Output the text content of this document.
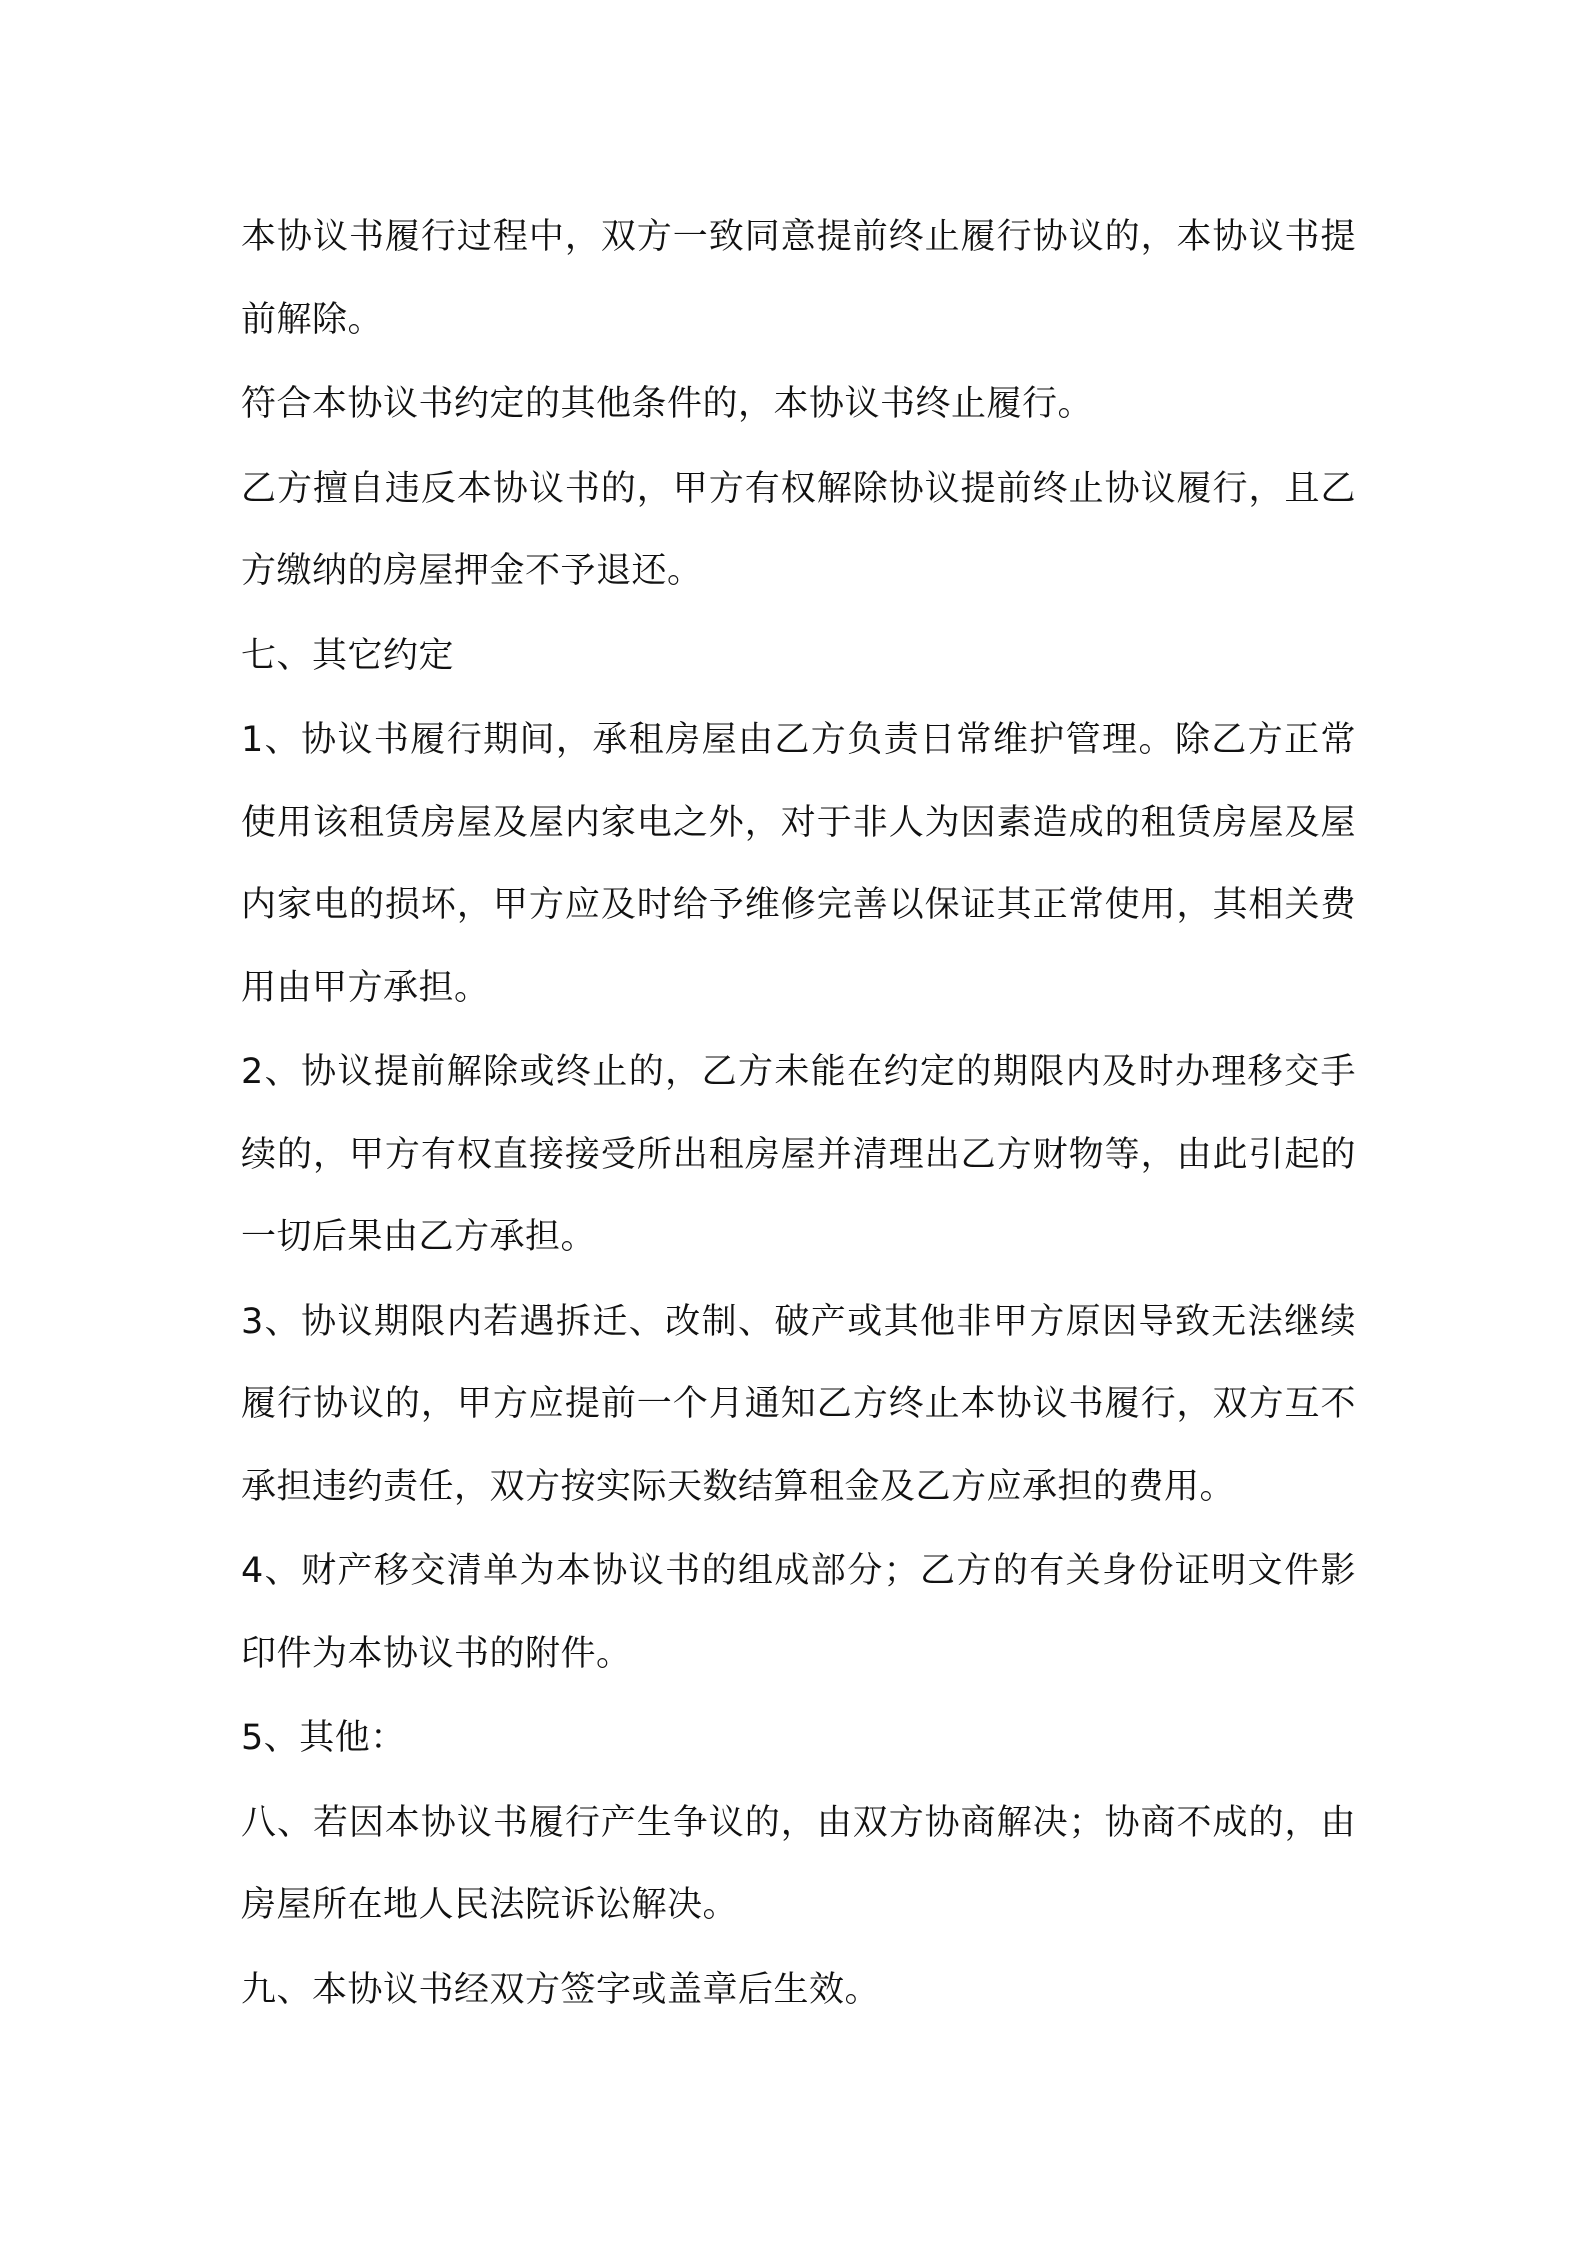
本协议书履行过程中，双方一致同意提前终止履行协议的，本协议书提前解除。

符合本协议书约定的其他条件的，本协议书终止履行。

乙方擅自违反本协议书的，甲方有权解除协议提前终止协议履行，且乙方缴纳的房屋押金不予退还。

七、其它约定

1、协议书履行期间，承租房屋由乙方负责日常维护管理。除乙方正常使用该租赁房屋及屋内家电之外，对于非人为因素造成的租赁房屋及屋内家电的损坏，甲方应及时给予维修完善以保证其正常使用，其相关费用由甲方承担。

2、协议提前解除或终止的，乙方未能在约定的期限内及时办理移交手续的，甲方有权直接接受所出租房屋并清理出乙方财物等，由此引起的一切后果由乙方承担。

3、协议期限内若遇拆迁、改制、破产或其他非甲方原因导致无法继续履行协议的，甲方应提前一个月通知乙方终止本协议书履行，双方互不承担违约责任，双方按实际天数结算租金及乙方应承担的费用。

4、财产移交清单为本协议书的组成部分；乙方的有关身份证明文件影印件为本协议书的附件。

5、其他：

八、若因本协议书履行产生争议的，由双方协商解决；协商不成的，由房屋所在地人民法院诉讼解决。

九、本协议书经双方签字或盖章后生效。
